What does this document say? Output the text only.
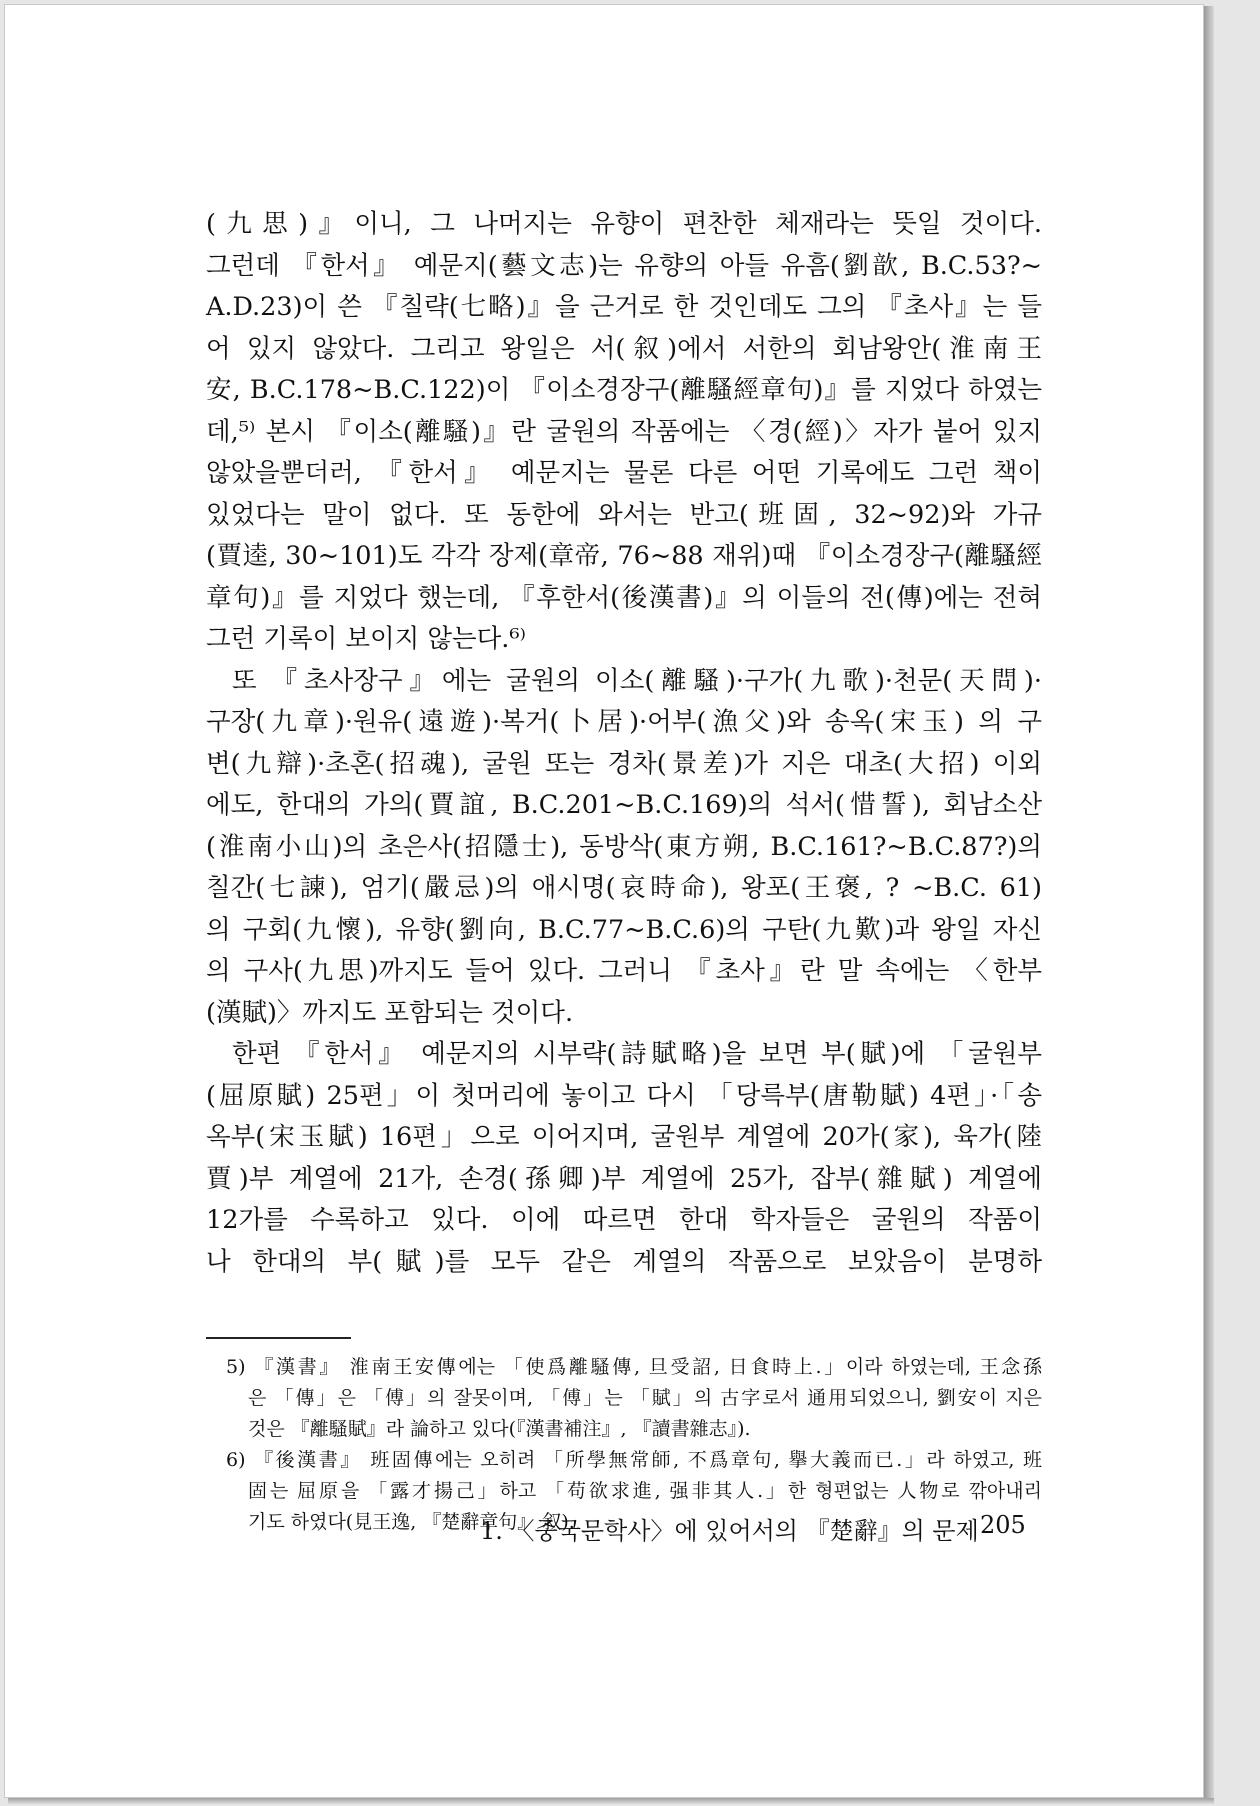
(九思)』이니, 그 나머지는 유향이 편찬한 체재라는 뜻일 것이다.
그런데 『한서』 예문지(藝文志)는 유향의 아들 유흠(劉歆, B.C.53?~
A.D.23)이 쓴 『칠략(七略)』을 근거로 한 것인데도 그의 『초사』는 들
어 있지 않았다. 그리고 왕일은 서(叙)에서 서한의 회남왕안(淮南王
安, B.C.178~B.C.122)이 『이소경장구(離騷經章句)』를 지었다 하였는
데,⁵⁾ 본시 『이소(離騷)』란 굴원의 작품에는 〈경(經)〉자가 붙어 있지
않았을뿐더러, 『한서』 예문지는 물론 다른 어떤 기록에도 그런 책이
있었다는 말이 없다. 또 동한에 와서는 반고(班固, 32~92)와 가규
(賈逵, 30~101)도 각각 장제(章帝, 76~88 재위)때 『이소경장구(離騷經
章句)』를 지었다 했는데, 『후한서(後漢書)』의 이들의 전(傳)에는 전혀
그런 기록이 보이지 않는다.⁶⁾
또 『초사장구』에는 굴원의 이소(離騷)·구가(九歌)·천문(天問)·
구장(九章)·원유(遠遊)·복거(卜居)·어부(漁父)와 송옥(宋玉) 의 구
변(九辯)·초혼(招魂), 굴원 또는 경차(景差)가 지은 대초(大招) 이외
에도, 한대의 가의(賈誼, B.C.201~B.C.169)의 석서(惜誓), 회남소산
(淮南小山)의 초은사(招隱士), 동방삭(東方朔, B.C.161?~B.C.87?)의
칠간(七諫), 엄기(嚴忌)의 애시명(哀時命), 왕포(王褒, ? ~B.C. 61)
의 구회(九懷), 유향(劉向, B.C.77~B.C.6)의 구탄(九歎)과 왕일 자신
의 구사(九思)까지도 들어 있다. 그러니 『초사』란 말 속에는 〈한부
(漢賦)〉까지도 포함되는 것이다.
한편 『한서』 예문지의 시부략(詩賦略)을 보면 부(賦)에 「굴원부
(屈原賦) 25편」이 첫머리에 놓이고 다시 「당륵부(唐勒賦) 4편」·「송
옥부(宋玉賦) 16편」으로 이어지며, 굴원부 계열에 20가(家), 육가(陸
賈)부 계열에 21가, 손경(孫卿)부 계열에 25가, 잡부(雜賦) 계열에
12가를 수록하고 있다. 이에 따르면 한대 학자들은 굴원의 작품이
나 한대의 부(賦)를 모두 같은 계열의 작품으로 보았음이 분명하
5) 『漢書』 淮南王安傳에는 「使爲離騷傳, 旦受詔, 日食時上.」이라 하였는데, 王念孫
은 「傳」은 「傅」의 잘못이며, 「傅」는 「賦」의 古字로서 通用되었으니, 劉安이 지은
것은 『離騷賦』라 論하고 있다(『漢書補注』, 『讀書雜志』).
6) 『後漢書』 班固傳에는 오히려 「所學無常師, 不爲章句, 擧大義而已.」라 하였고, 班
固는 屈原을 「露才揚己」하고 「苟欲求進, 强非其人.」한 형편없는 人物로 깎아내리
기도 하였다(見王逸, 『楚辭章句』 叙).
1. 〈중국문학사〉에 있어서의 『楚辭』의 문제 205
